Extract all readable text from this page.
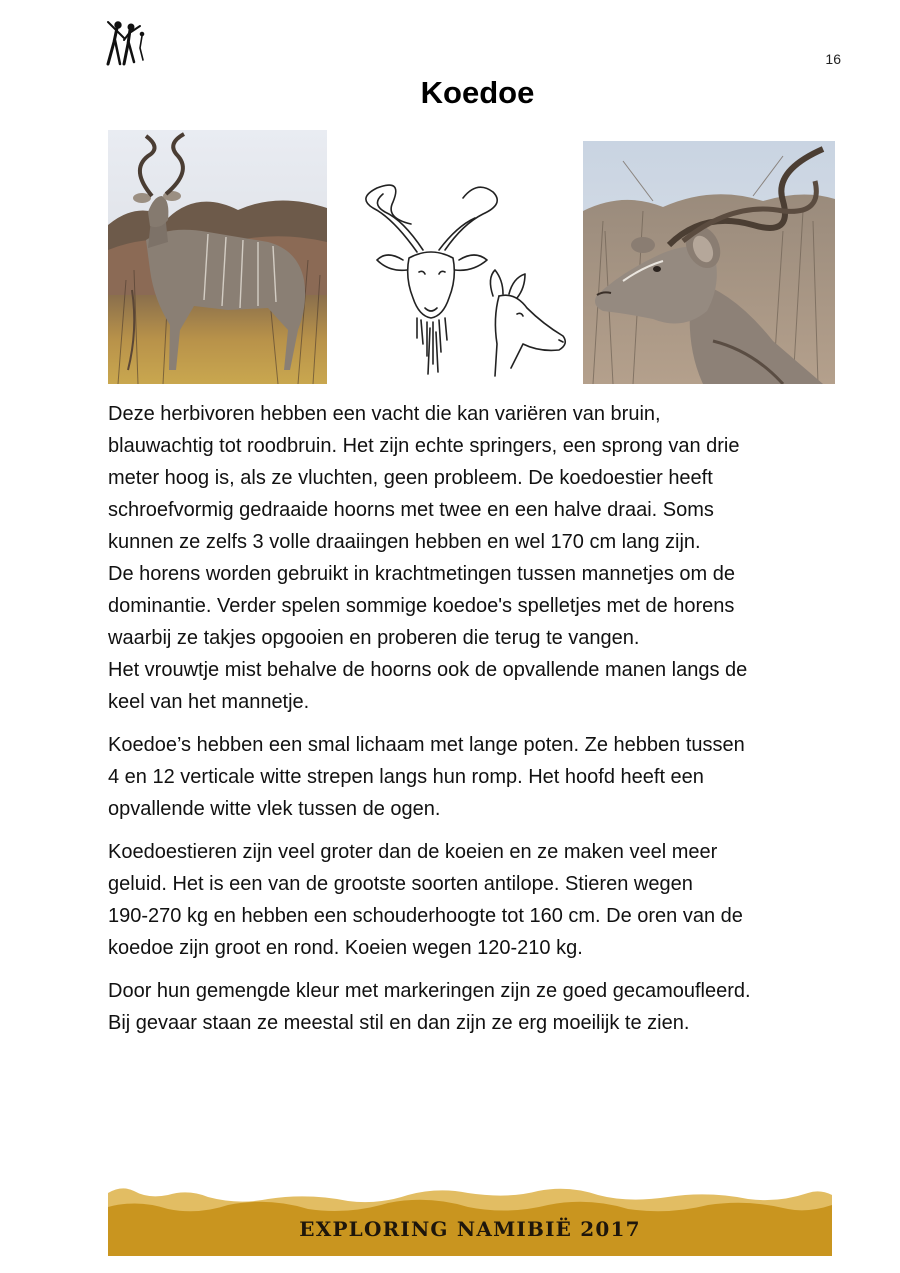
16
Koedoe

Deze herbivoren hebben een vacht die kan variëren van bruin,
blauwachtig tot roodbruin. Het zijn echte springers, een sprong van drie
meter hoog is, als ze vluchten, geen probleem. De koedoestier heeft
schroefvormig gedraaide hoorns met twee en een halve draai. Soms
kunnen ze zelfs 3 volle draaiingen hebben en wel 170 cm lang zijn.
De horens worden gebruikt in krachtmetingen tussen mannetjes om de
dominantie. Verder spelen sommige koedoe's spelletjes met de horens
waarbij ze takjes opgooien en proberen die terug te vangen.
Het vrouwtje mist behalve de hoorns ook de opvallende manen langs de
keel van het mannetje.

Koedoe’s hebben een smal lichaam met lange poten. Ze hebben tussen
4 en 12 verticale witte strepen langs hun romp. Het hoofd heeft een
opvallende witte vlek tussen de ogen.

Koedoestieren zijn veel groter dan de koeien en ze maken veel meer
geluid. Het is een van de grootste soorten antilope. Stieren wegen
190-270 kg en hebben een schouderhoogte tot 160 cm. De oren van de
koedoe zijn groot en rond. Koeien wegen 120-210 kg.

Door hun gemengde kleur met markeringen zijn ze goed gecamoufleerd.
Bij gevaar staan ze meestal stil en dan zijn ze erg moeilijk te zien.

EXPLORING NAMIBIË 2017
